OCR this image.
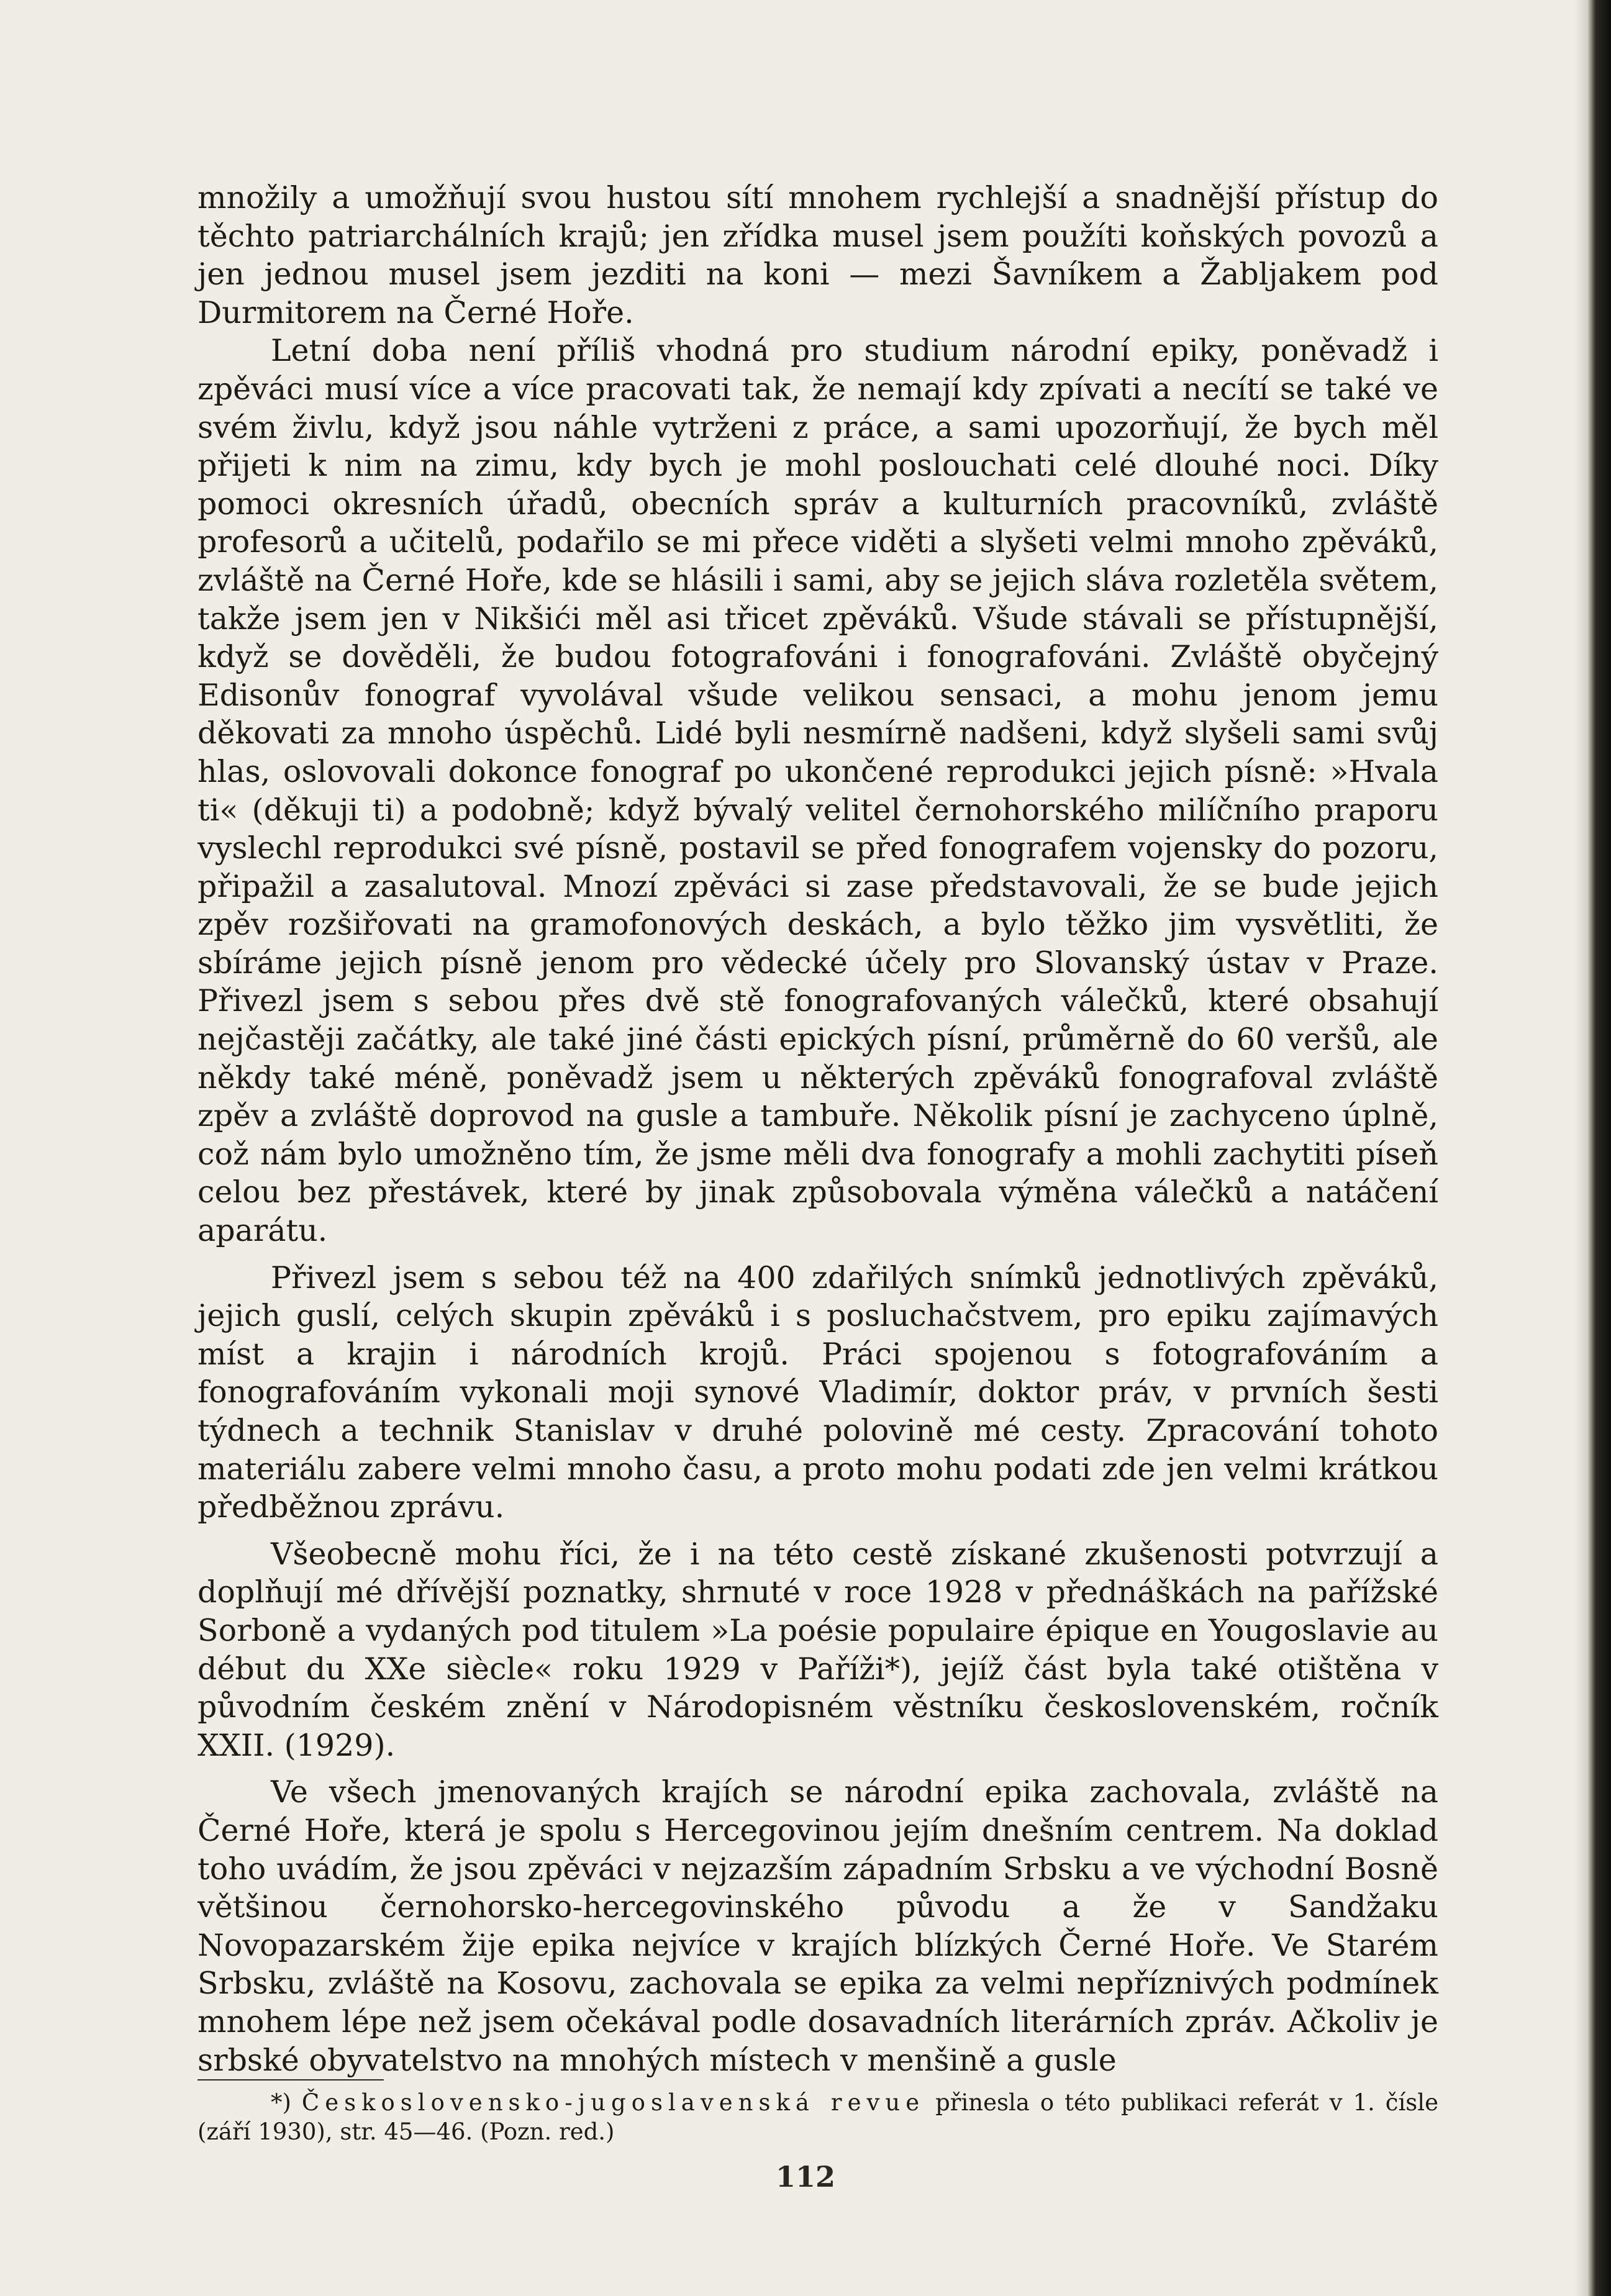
množily a umožňují svou hustou sítí mnohem rychlejší a snadnější přístup do těchto patriarchálních krajů; jen zřídka musel jsem použíti koňských povozů a jen jednou musel jsem jezditi na koni — mezi Šavníkem a Žabljakem pod Durmitorem na Černé Hoře.

Letní doba není příliš vhodná pro studium národní epiky, poněvadž i zpěváci musí více a více pracovati tak, že nemají kdy zpívati a necítí se také ve svém živlu, když jsou náhle vytrženi z práce, a sami upozorňují, že bych měl přijeti k nim na zimu, kdy bych je mohl poslouchati celé dlouhé noci. Díky pomoci okresních úřadů, obecních správ a kulturních pracovníků, zvláště profesorů a učitelů, podařilo se mi přece viděti a slyšeti velmi mnoho zpěváků, zvláště na Černé Hoře, kde se hlásili i sami, aby se jejich sláva rozletěla světem, takže jsem jen v Nikšići měl asi třicet zpěváků. Všude stávali se přístupnější, když se dověděli, že budou fotografováni i fonografováni. Zvláště obyčejný Edisonův fonograf vyvolával všude velikou sensaci, a mohu jenom jemu děkovati za mnoho úspěchů. Lidé byli nesmírně nadšeni, když slyšeli sami svůj hlas, oslovovali dokonce fonograf po ukončené reprodukci jejich písně: »Hvala ti« (děkuji ti) a podobně; když bývalý velitel černohorského milíčního praporu vyslechl reprodukci své písně, postavil se před fonografem vojensky do pozoru, připažil a zasalutoval. Mnozí zpěváci si zase představovali, že se bude jejich zpěv rozšiřovati na gramofonových deskách, a bylo těžko jim vysvětliti, že sbíráme jejich písně jenom pro vědecké účely pro Slovanský ústav v Praze. Přivezl jsem s sebou přes dvě stě fonografovaných válečků, které obsahují nejčastěji začátky, ale také jiné části epických písní, průměrně do 60 veršů, ale někdy také méně, poněvadž jsem u některých zpěváků fonografoval zvláště zpěv a zvláště doprovod na gusle a tambuře. Několik písní je zachyceno úplně, což nám bylo umožněno tím, že jsme měli dva fonografy a mohli zachytiti píseň celou bez přestávek, které by jinak způsobovala výměna válečků a natáčení aparátu.

Přivezl jsem s sebou též na 400 zdařilých snímků jednotlivých zpěváků, jejich guslí, celých skupin zpěváků i s posluchačstvem, pro epiku zajímavých míst a krajin i národních krojů. Práci spojenou s fotografováním a fonografováním vykonali moji synové Vladimír, doktor práv, v prvních šesti týdnech a technik Stanislav v druhé polovině mé cesty. Zpracování tohoto materiálu zabere velmi mnoho času, a proto mohu podati zde jen velmi krátkou předběžnou zprávu.

Všeobecně mohu říci, že i na této cestě získané zkušenosti potvrzují a doplňují mé dřívější poznatky, shrnuté v roce 1928 v přednáškách na pařížské Sorboně a vydaných pod titulem »La poésie populaire épique en Yougoslavie au début du XXe siècle« roku 1929 v Paříži*), jejíž část byla také otištěna v původním českém znění v Národopisném věstníku československém, ročník XXII. (1929).

Ve všech jmenovaných krajích se národní epika zachovala, zvláště na Černé Hoře, která je spolu s Hercegovinou jejím dnešním centrem. Na doklad toho uvádím, že jsou zpěváci v nejzazším západním Srbsku a ve východní Bosně většinou černohorsko-hercegovinského původu a že v Sandžaku Novopazarském žije epika nejvíce v krajích blízkých Černé Hoře. Ve Starém Srbsku, zvláště na Kosovu, zachovala se epika za velmi nepříznivých podmínek mnohem lépe než jsem očekával podle dosavadních literárních zpráv. Ačkoliv je srbské obyvatelstvo na mnohých místech v menšině a gusle

*) Československo-jugoslavenská revue přinesla o této publikaci referát v 1. čísle (září 1930), str. 45—46. (Pozn. red.)

112
